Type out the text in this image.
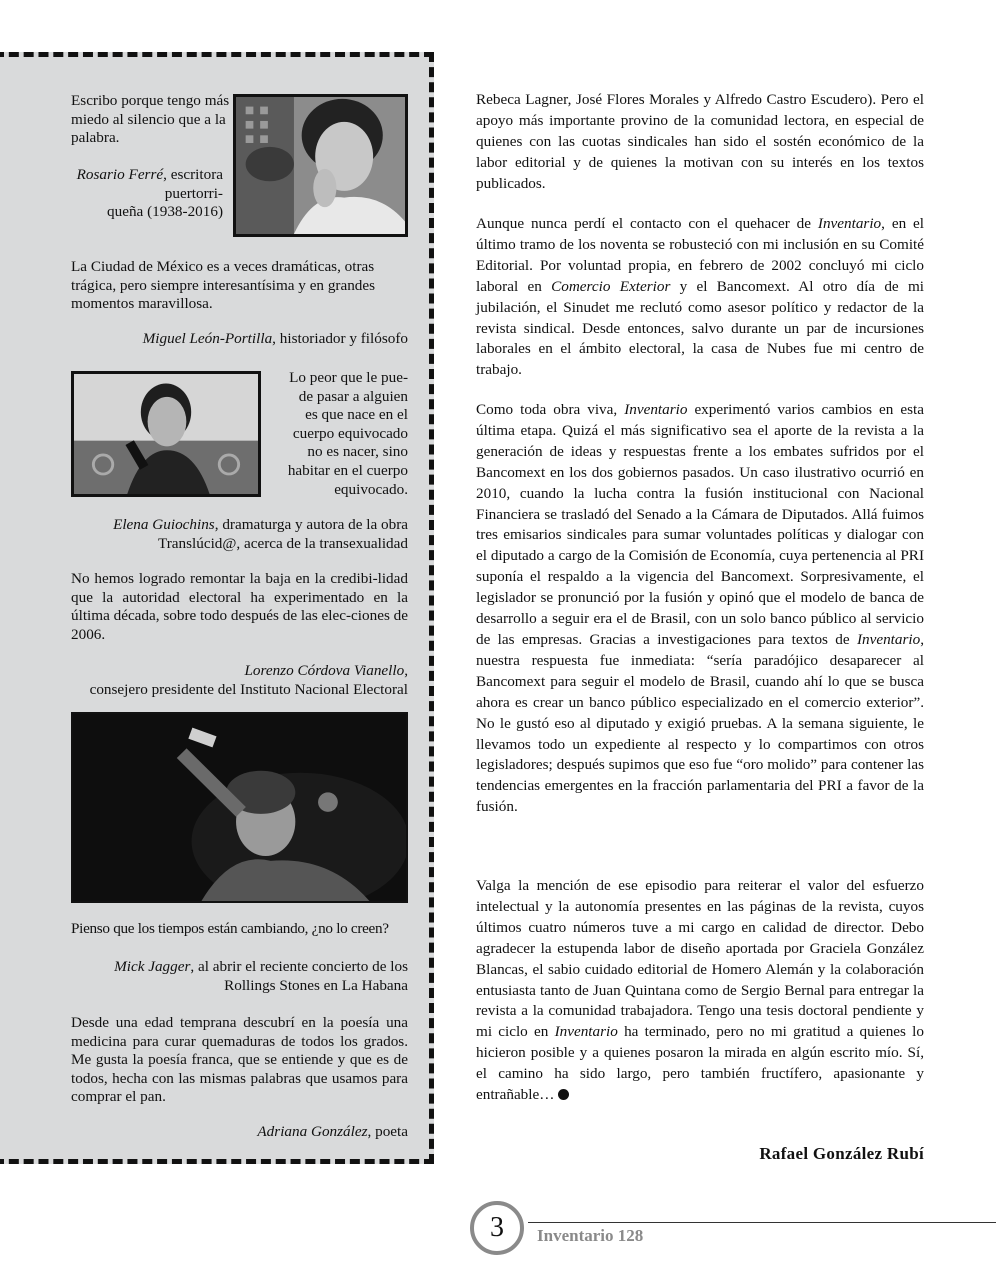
Escribo porque tengo más miedo al silencio que a la palabra.

Rosario Ferré, escritora puertorri-
queña (1938-2016)

La Ciudad de México es a veces dramáticas, otras trágica, pero siempre interesantísima y en grandes momentos maravillosa.

Miguel León-Portilla, historiador y filósofo

Lo peor que le pue-
de pasar a alguien
es que nace en el
cuerpo equivocado
no es nacer, sino
habitar en el cuerpo
equivocado.

Elena Guiochins, dramaturga y autora de la obra
Translúcid@, acerca de la transexualidad

No hemos logrado remontar la baja en la credibi-lidad que la autoridad electoral ha experimentado en la última década, sobre todo después de las elec-ciones de 2006.

Lorenzo Córdova Vianello,
consejero presidente del Instituto Nacional Electoral

Pienso que los tiempos están cambiando, ¿no lo creen?

Mick Jagger, al abrir el reciente concierto de los
Rollings Stones en La Habana

Desde una edad temprana descubrí en la poesía una medicina para curar quemaduras de todos los grados. Me gusta la poesía franca, que se entiende y que es de todos, hecha con las mismas palabras que usamos para comprar el pan.

Adriana González, poeta

Rebeca Lagner, José Flores Morales y Alfredo Castro Escudero). Pero el apoyo más importante provino de la comunidad lectora, en especial de quienes con las cuotas sindicales han sido el sostén económico de la labor editorial y de quienes la motivan con su interés en los textos publicados.

Aunque nunca perdí el contacto con el quehacer de Inventario, en el último tramo de los noventa se robusteció con mi inclusión en su Comité Editorial. Por voluntad propia, en febrero de 2002 concluyó mi ciclo laboral en Comercio Exterior y el Bancomext. Al otro día de mi jubilación, el Sinudet me reclutó como asesor político y redactor de la revista sindical. Desde entonces, salvo durante un par de incursiones laborales en el ámbito electoral, la casa de Nubes fue mi centro de trabajo.

Como toda obra viva, Inventario experimentó varios cambios en esta última etapa. Quizá el más significativo sea el aporte de la revista a la generación de ideas y respuestas frente a los embates sufridos por el Bancomext en los dos gobiernos pasados. Un caso ilustrativo ocurrió en 2010, cuando la lucha contra la fusión institucional con Nacional Financiera se trasladó del Senado a la Cámara de Diputados. Allá fuimos tres emisarios sindicales para sumar voluntades políticas y dialogar con el diputado a cargo de la Comisión de Economía, cuya pertenencia al PRI suponía el respaldo a la vigencia del Bancomext. Sorpresivamente, el legislador se pronunció por la fusión y opinó que el modelo de banca de desarrollo a seguir era el de Brasil, con un solo banco público al servicio de las empresas. Gracias a investigaciones para textos de Inventario, nuestra respuesta fue inmediata: “sería paradójico desaparecer al Bancomext para seguir el modelo de Brasil, cuando ahí lo que se busca ahora es crear un banco público especializado en el comercio exterior”. No le gustó eso al diputado y exigió pruebas. A la semana siguiente, le llevamos todo un expediente al respecto y lo compartimos con otros legisladores; después supimos que eso fue “oro molido” para contener las tendencias emergentes en la fracción parlamentaria del PRI a favor de la fusión.

Valga la mención de ese episodio para reiterar el valor del esfuerzo intelectual y la autonomía presentes en las páginas de la revista, cuyos últimos cuatro números tuve a mi cargo en calidad de director. Debo agradecer la estupenda labor de diseño aportada por Graciela González Blancas, el sabio cuidado editorial de Homero Alemán y la colaboración entusiasta tanto de Juan Quintana como de Sergio Bernal para entregar la revista a la comunidad trabajadora. Tengo una tesis doctoral pendiente y mi ciclo en Inventario ha terminado, pero no mi gratitud a quienes lo hicieron posible y a quienes posaron la mirada en algún escrito mío. Sí, el camino ha sido largo, pero también fructífero, apasionante y entrañable…

Rafael González Rubí
3 Inventario 128
